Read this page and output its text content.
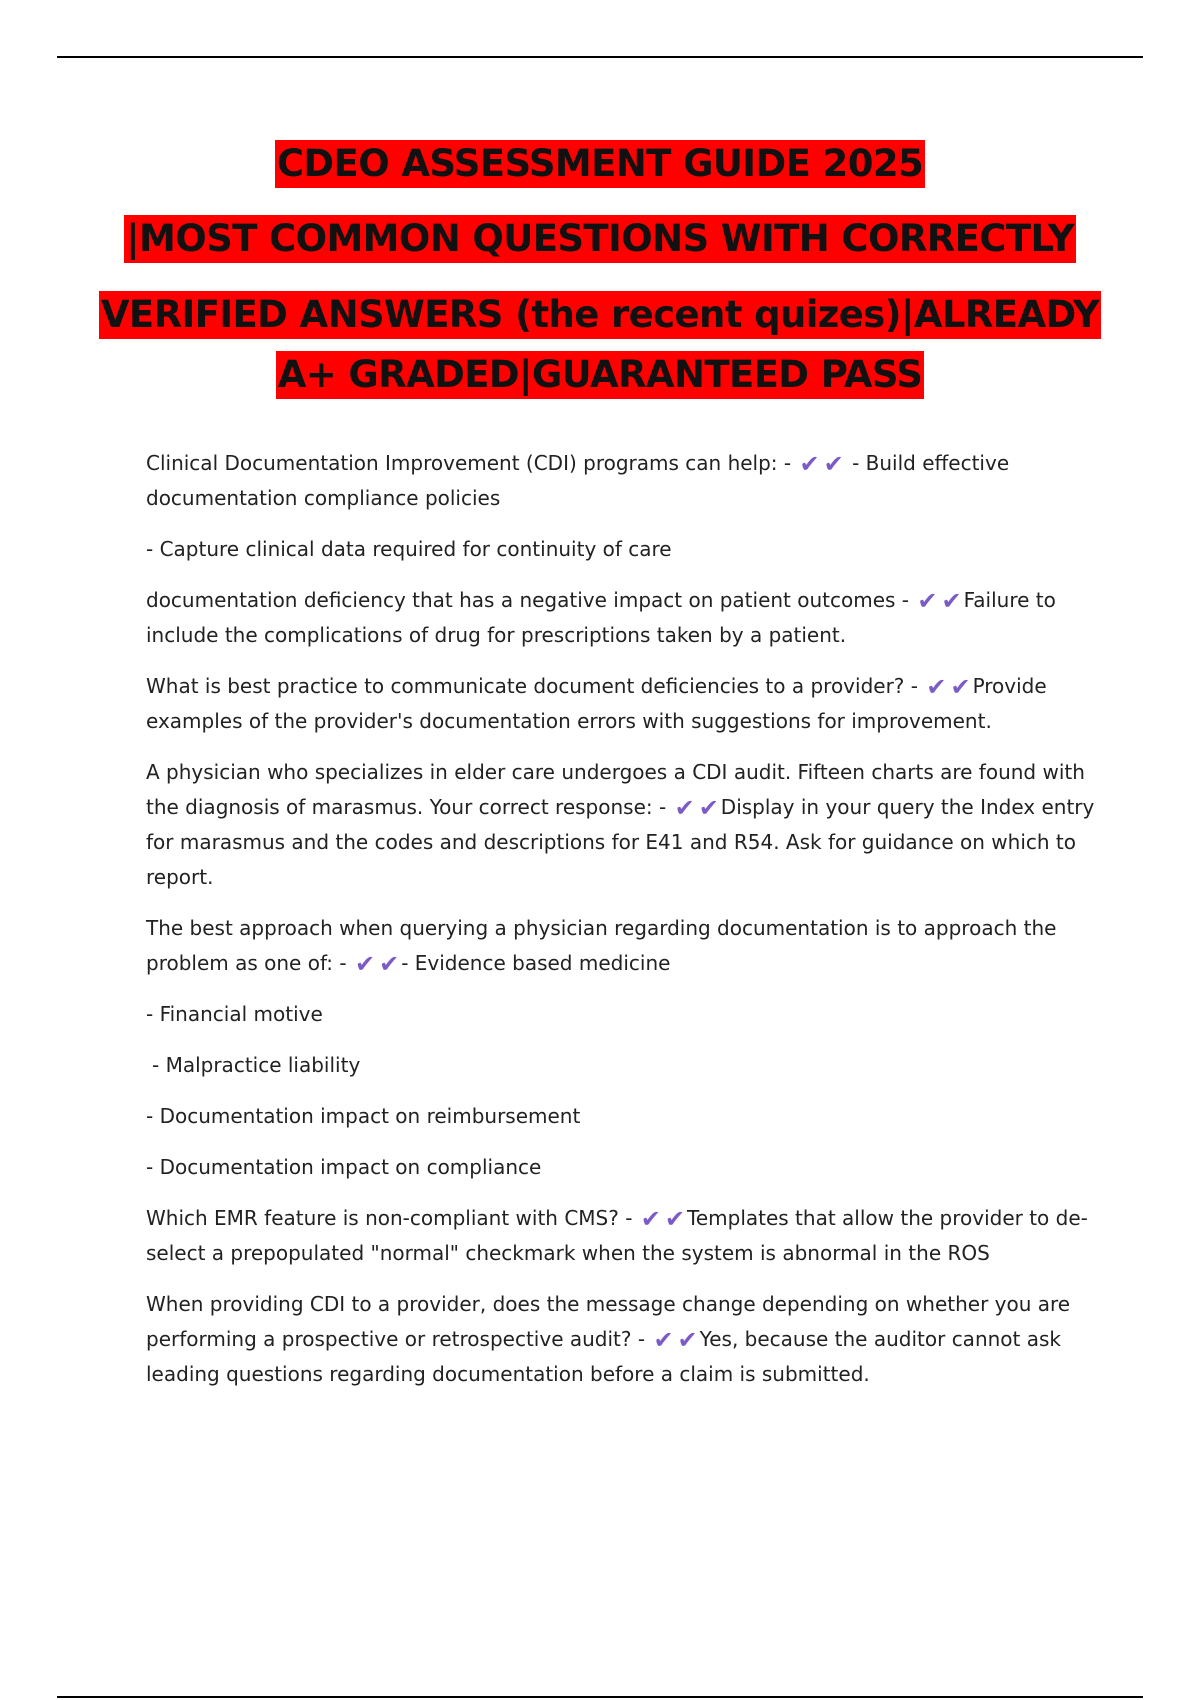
CDEO ASSESSMENT GUIDE 2025
|MOST COMMON QUESTIONS WITH CORRECTLY
VERIFIED ANSWERS (the recent quizes)|ALREADY
A+ GRADED|GUARANTEED PASS

Clinical Documentation Improvement (CDI) programs can help: - ✔ ✔ - Build effective documentation compliance policies

- Capture clinical data required for continuity of care

documentation deficiency that has a negative impact on patient outcomes - ✔ ✔ Failure to include the complications of drug for prescriptions taken by a patient.

What is best practice to communicate document deficiencies to a provider? - ✔ ✔ Provide examples of the provider's documentation errors with suggestions for improvement.

A physician who specializes in elder care undergoes a CDI audit. Fifteen charts are found with the diagnosis of marasmus. Your correct response: - ✔ ✔ Display in your query the Index entry for marasmus and the codes and descriptions for E41 and R54. Ask for guidance on which to report.

The best approach when querying a physician regarding documentation is to approach the problem as one of: - ✔ ✔ - Evidence based medicine

- Financial motive

- Malpractice liability

- Documentation impact on reimbursement

- Documentation impact on compliance

Which EMR feature is non-compliant with CMS? - ✔ ✔ Templates that allow the provider to de-select a prepopulated "normal" checkmark when the system is abnormal in the ROS

When providing CDI to a provider, does the message change depending on whether you are performing a prospective or retrospective audit? - ✔ ✔ Yes, because the auditor cannot ask leading questions regarding documentation before a claim is submitted.
